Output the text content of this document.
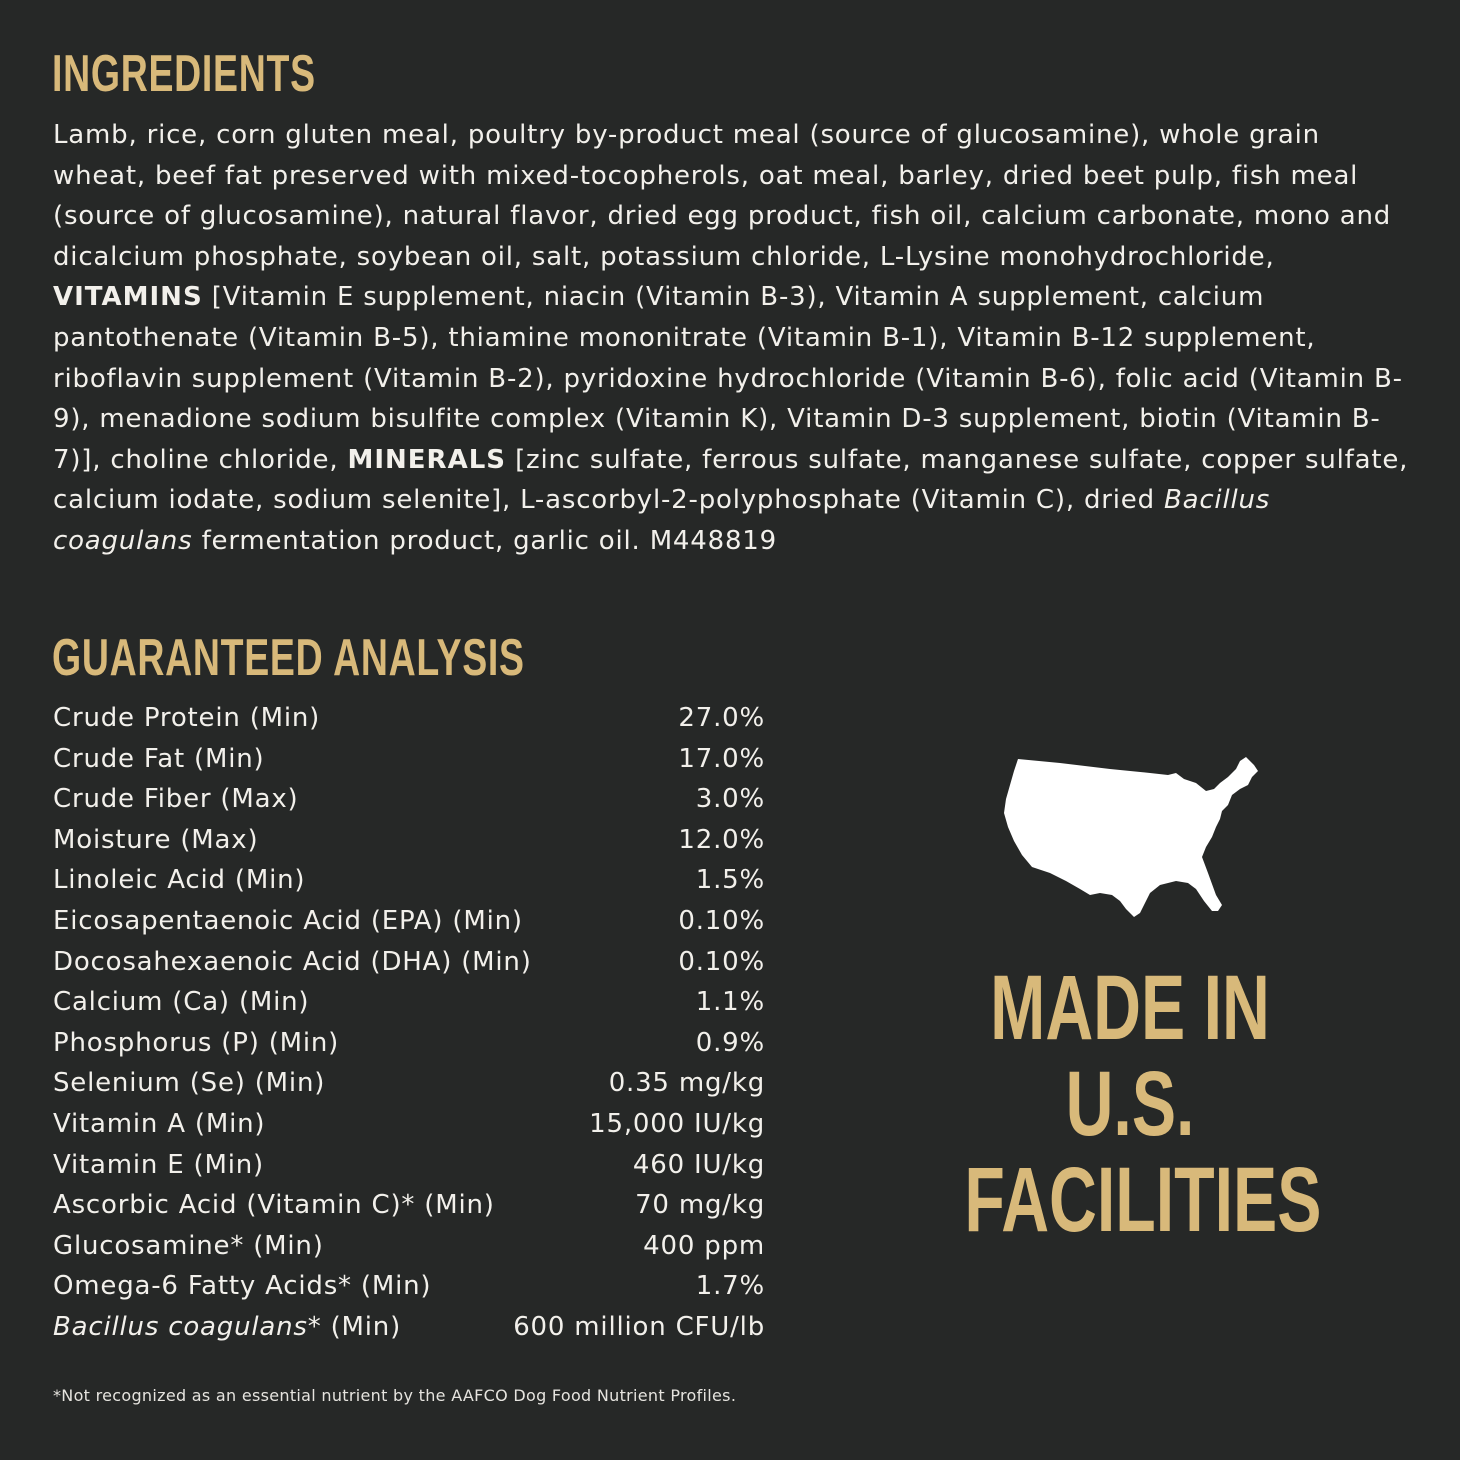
INGREDIENTS

Lamb, rice, corn gluten meal, poultry by-product meal (source of glucosamine), whole grain wheat, beef fat preserved with mixed-tocopherols, oat meal, barley, dried beet pulp, fish meal (source of glucosamine), natural flavor, dried egg product, fish oil, calcium carbonate, mono and dicalcium phosphate, soybean oil, salt, potassium chloride, L-Lysine monohydrochloride, VITAMINS [Vitamin E supplement, niacin (Vitamin B-3), Vitamin A supplement, calcium pantothenate (Vitamin B-5), thiamine mononitrate (Vitamin B-1), Vitamin B-12 supplement, riboflavin supplement (Vitamin B-2), pyridoxine hydrochloride (Vitamin B-6), folic acid (Vitamin B-9), menadione sodium bisulfite complex (Vitamin K), Vitamin D-3 supplement, biotin (Vitamin B-7)], choline chloride, MINERALS [zinc sulfate, ferrous sulfate, manganese sulfate, copper sulfate, calcium iodate, sodium selenite], L-ascorbyl-2-polyphosphate (Vitamin C), dried Bacillus coagulans fermentation product, garlic oil. M448819

GUARANTEED ANALYSIS
Crude Protein (Min)	27.0%
Crude Fat (Min)	17.0%
Crude Fiber (Max)	3.0%
Moisture (Max)	12.0%
Linoleic Acid (Min)	1.5%
Eicosapentaenoic Acid (EPA) (Min)	0.10%
Docosahexaenoic Acid (DHA) (Min)	0.10%
Calcium (Ca) (Min)	1.1%
Phosphorus (P) (Min)	0.9%
Selenium (Se) (Min)	0.35 mg/kg
Vitamin A (Min)	15,000 IU/kg
Vitamin E (Min)	460 IU/kg
Ascorbic Acid (Vitamin C)* (Min)	70 mg/kg
Glucosamine* (Min)	400 ppm
Omega-6 Fatty Acids* (Min)	1.7%
Bacillus coagulans* (Min)	600 million CFU/lb

*Not recognized as an essential nutrient by the AAFCO Dog Food Nutrient Profiles.

MADE IN
U.S.
FACILITIES
